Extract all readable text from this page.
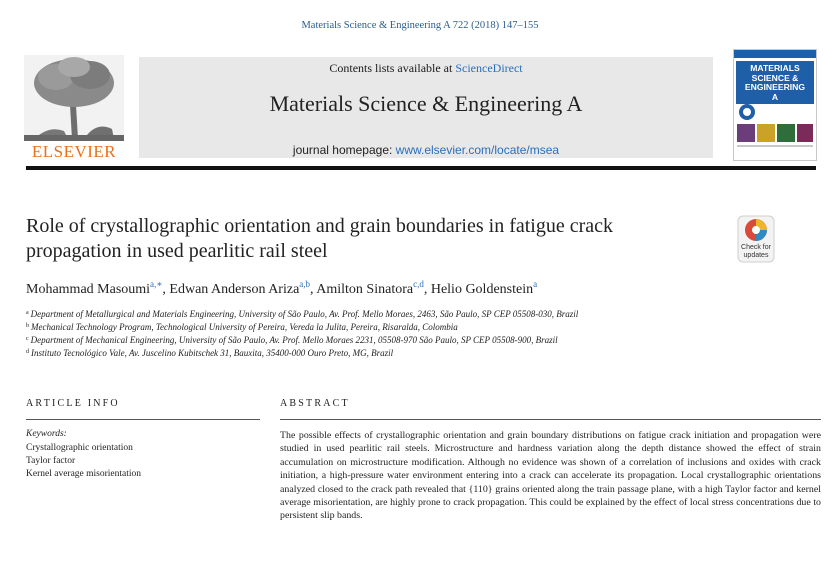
Materials Science & Engineering A 722 (2018) 147–155
Contents lists available at ScienceDirect
Materials Science & Engineering A
journal homepage: www.elsevier.com/locate/msea
ELSEVIER
MATERIALS SCIENCE & ENGINEERING
A
Role of crystallographic orientation and grain boundaries in fatigue crack
propagation in used pearlitic rail steel	Check for
updates
Mohammad Masoumi$^{a,∗}$, Edwan Anderson Ariza$^{a,b}$, Amilton Sinatora$^{c,d}$, Helio Goldenstein$^a$
$^a$ Department of Metallurgical and Materials Engineering, University of São Paulo, Av. Prof. Mello Moraes, 2463, São Paulo, SP CEP 05508-030, Brazil
$^b$ Mechanical Technology Program, Technological University of Pereira, Vereda la Julita, Pereira, Risaralda, Colombia
$^c$ Department of Mechanical Engineering, University of São Paulo, Av. Prof. Mello Moraes 2231, 05508-970 São Paulo, SP CEP 05508-900, Brazil
$^d$ Instituto Tecnológico Vale, Av. Juscelino Kubitschek 31, Bauxita, 35400-000 Ouro Preto, MG, Brazil
ARTICLE INFO
Keywords:
Crystallographic orientation
Taylor factor
Kernel average misorientation
ABSTRACT
The possible effects of crystallographic orientation and grain boundary distributions on fatigue crack initiation and propagation were studied in used pearlitic rail steels. Microstructure and hardness variation along the depth distance showed the effect of strain accumulation on microstructure modification. Although no evidence was shown of a correlation of inclusions and oxides with crack initiation, a high-pressure water environment entering into a crack can accelerate its propagation. Local crystallographic orientations analyzed closed to the crack path revealed that {110} grains oriented along the train passage plane, with a high Taylor factor and kernel average misorientation, are highly prone to crack propagation. This could be explained by the effect of local stress concentrations due to persistent slip bands.
